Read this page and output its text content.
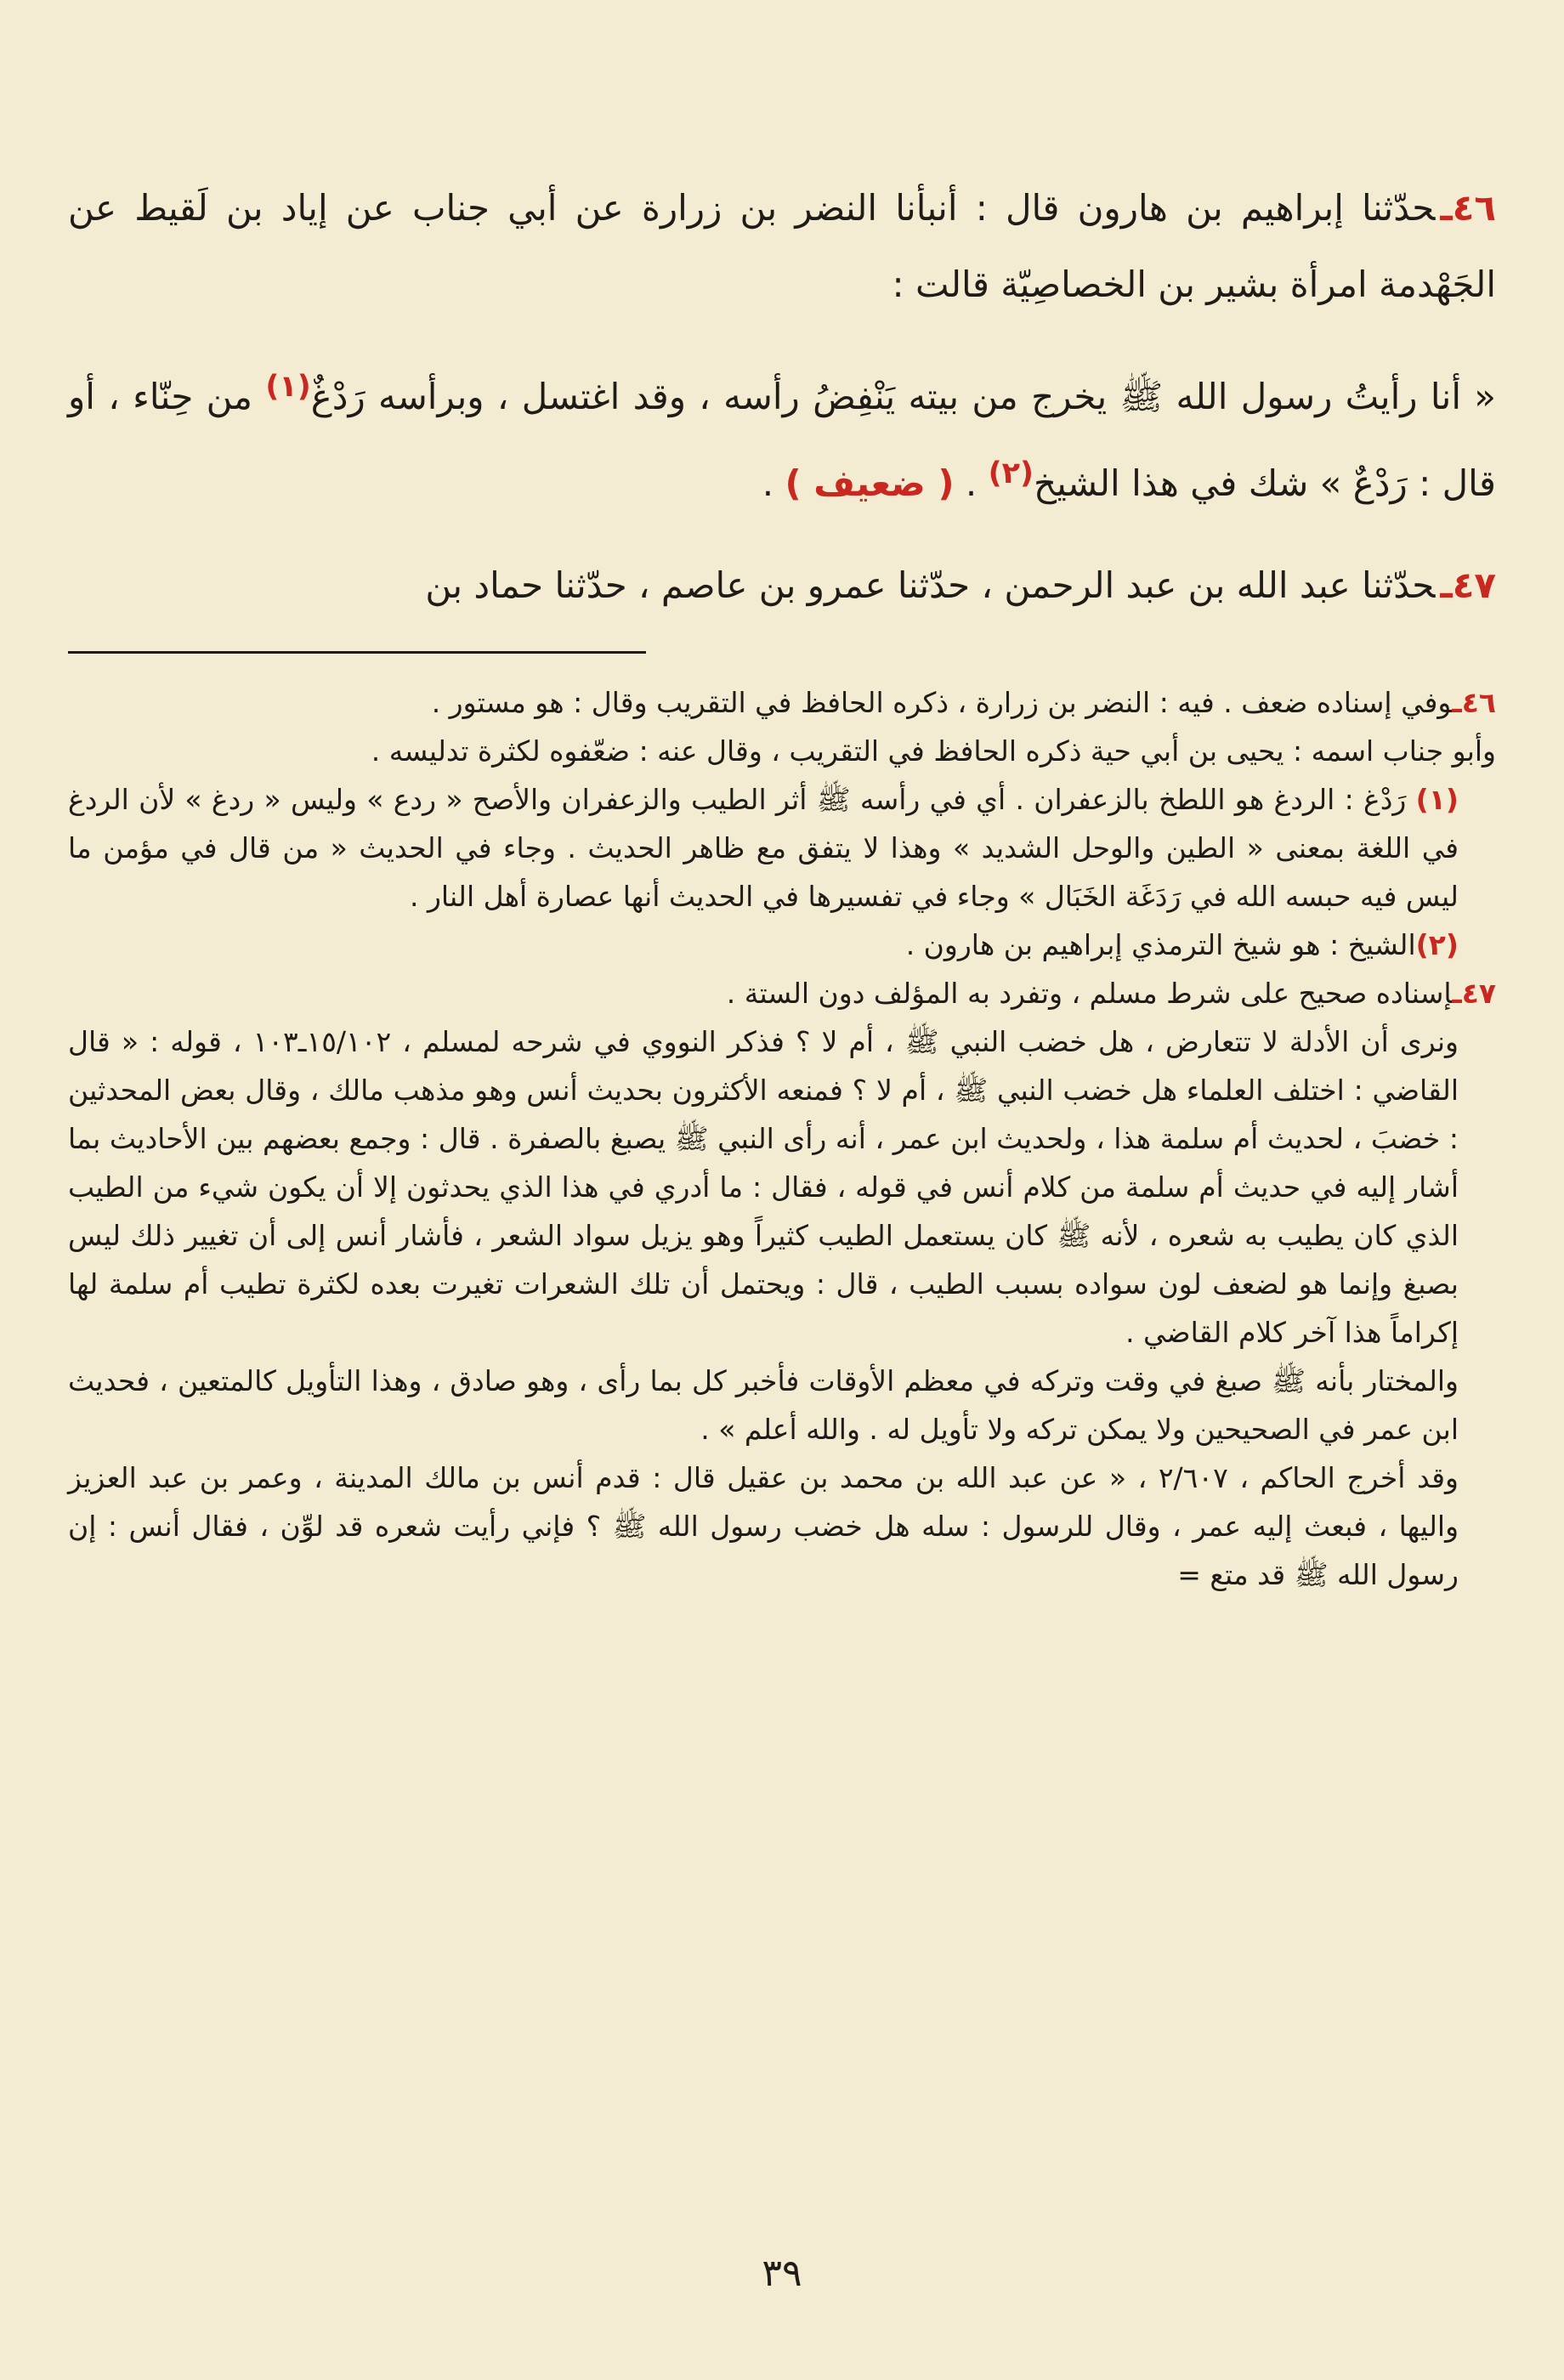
٤٦ـحدّثنا إبراهيم بن هارون قال : أنبأنا النضر بن زرارة عن أبي جناب عن إياد بن لَقيط عن الجَهْدمة امرأة بشير بن الخصاصِيّة قالت :

« أنا رأيتُ رسول الله ﷺ يخرج من بيته يَنْفِضُ رأسه ، وقد اغتسل ، وبرأسه رَدْغٌ$^{(١)}$ من حِنّاء ، أو قال : رَدْعٌ » شك في هذا الشيخ$^{(٢)}$ . ( ضعيف ) .

٤٧ـحدّثنا عبد الله بن عبد الرحمن ، حدّثنا عمرو بن عاصم ، حدّثنا حماد بن

٤٦ـوفي إسناده ضعف . فيه : النضر بن زرارة ، ذكره الحافظ في التقريب وقال : هو مستور .

وأبو جناب اسمه : يحيى بن أبي حية ذكره الحافظ في التقريب ، وقال عنه : ضعّفوه لكثرة تدليسه .

(١) رَدْغ : الردغ هو اللطخ بالزعفران . أي في رأسه ﷺ أثر الطيب والزعفران والأصح « ردع » وليس « ردغ » لأن الردغ في اللغة بمعنى « الطين والوحل الشديد » وهذا لا يتفق مع ظاهر الحديث . وجاء في الحديث « من قال في مؤمن ما ليس فيه حبسه الله في رَدَغَة الخَبَال » وجاء في تفسيرها في الحديث أنها عصارة أهل النار .

(٢)الشيخ : هو شيخ الترمذي إبراهيم بن هارون .

٤٧ـإسناده صحيح على شرط مسلم ، وتفرد به المؤلف دون الستة .

ونرى أن الأدلة لا تتعارض ، هل خضب النبي ﷺ ، أم لا ؟ فذكر النووي في شرحه لمسلم ، ١٥/١٠٢ـ١٠٣ ، قوله : « قال القاضي : اختلف العلماء هل خضب النبي ﷺ ، أم لا ؟ فمنعه الأكثرون بحديث أنس وهو مذهب مالك ، وقال بعض المحدثين : خضبَ ، لحديث أم سلمة هذا ، ولحديث ابن عمر ، أنه رأى النبي ﷺ يصبغ بالصفرة . قال : وجمع بعضهم بين الأحاديث بما أشار إليه في حديث أم سلمة من كلام أنس في قوله ، فقال : ما أدري في هذا الذي يحدثون إلا أن يكون شيء من الطيب الذي كان يطيب به شعره ، لأنه ﷺ كان يستعمل الطيب كثيراً وهو يزيل سواد الشعر ، فأشار أنس إلى أن تغيير ذلك ليس بصبغ وإنما هو لضعف لون سواده بسبب الطيب ، قال : ويحتمل أن تلك الشعرات تغيرت بعده لكثرة تطيب أم سلمة لها إكراماً هذا آخر كلام القاضي .

والمختار بأنه ﷺ صبغ في وقت وتركه في معظم الأوقات فأخبر كل بما رأى ، وهو صادق ، وهذا التأويل كالمتعين ، فحديث ابن عمر في الصحيحين ولا يمكن تركه ولا تأويل له . والله أعلم » .

وقد أخرج الحاكم ، ٢/٦٠٧ ، « عن عبد الله بن محمد بن عقيل قال : قدم أنس بن مالك المدينة ، وعمر بن عبد العزيز واليها ، فبعث إليه عمر ، وقال للرسول : سله هل خضب رسول الله ﷺ ؟ فإني رأيت شعره قد لوِّن ، فقال أنس : إن رسول الله ﷺ قد متع =

٣٩
